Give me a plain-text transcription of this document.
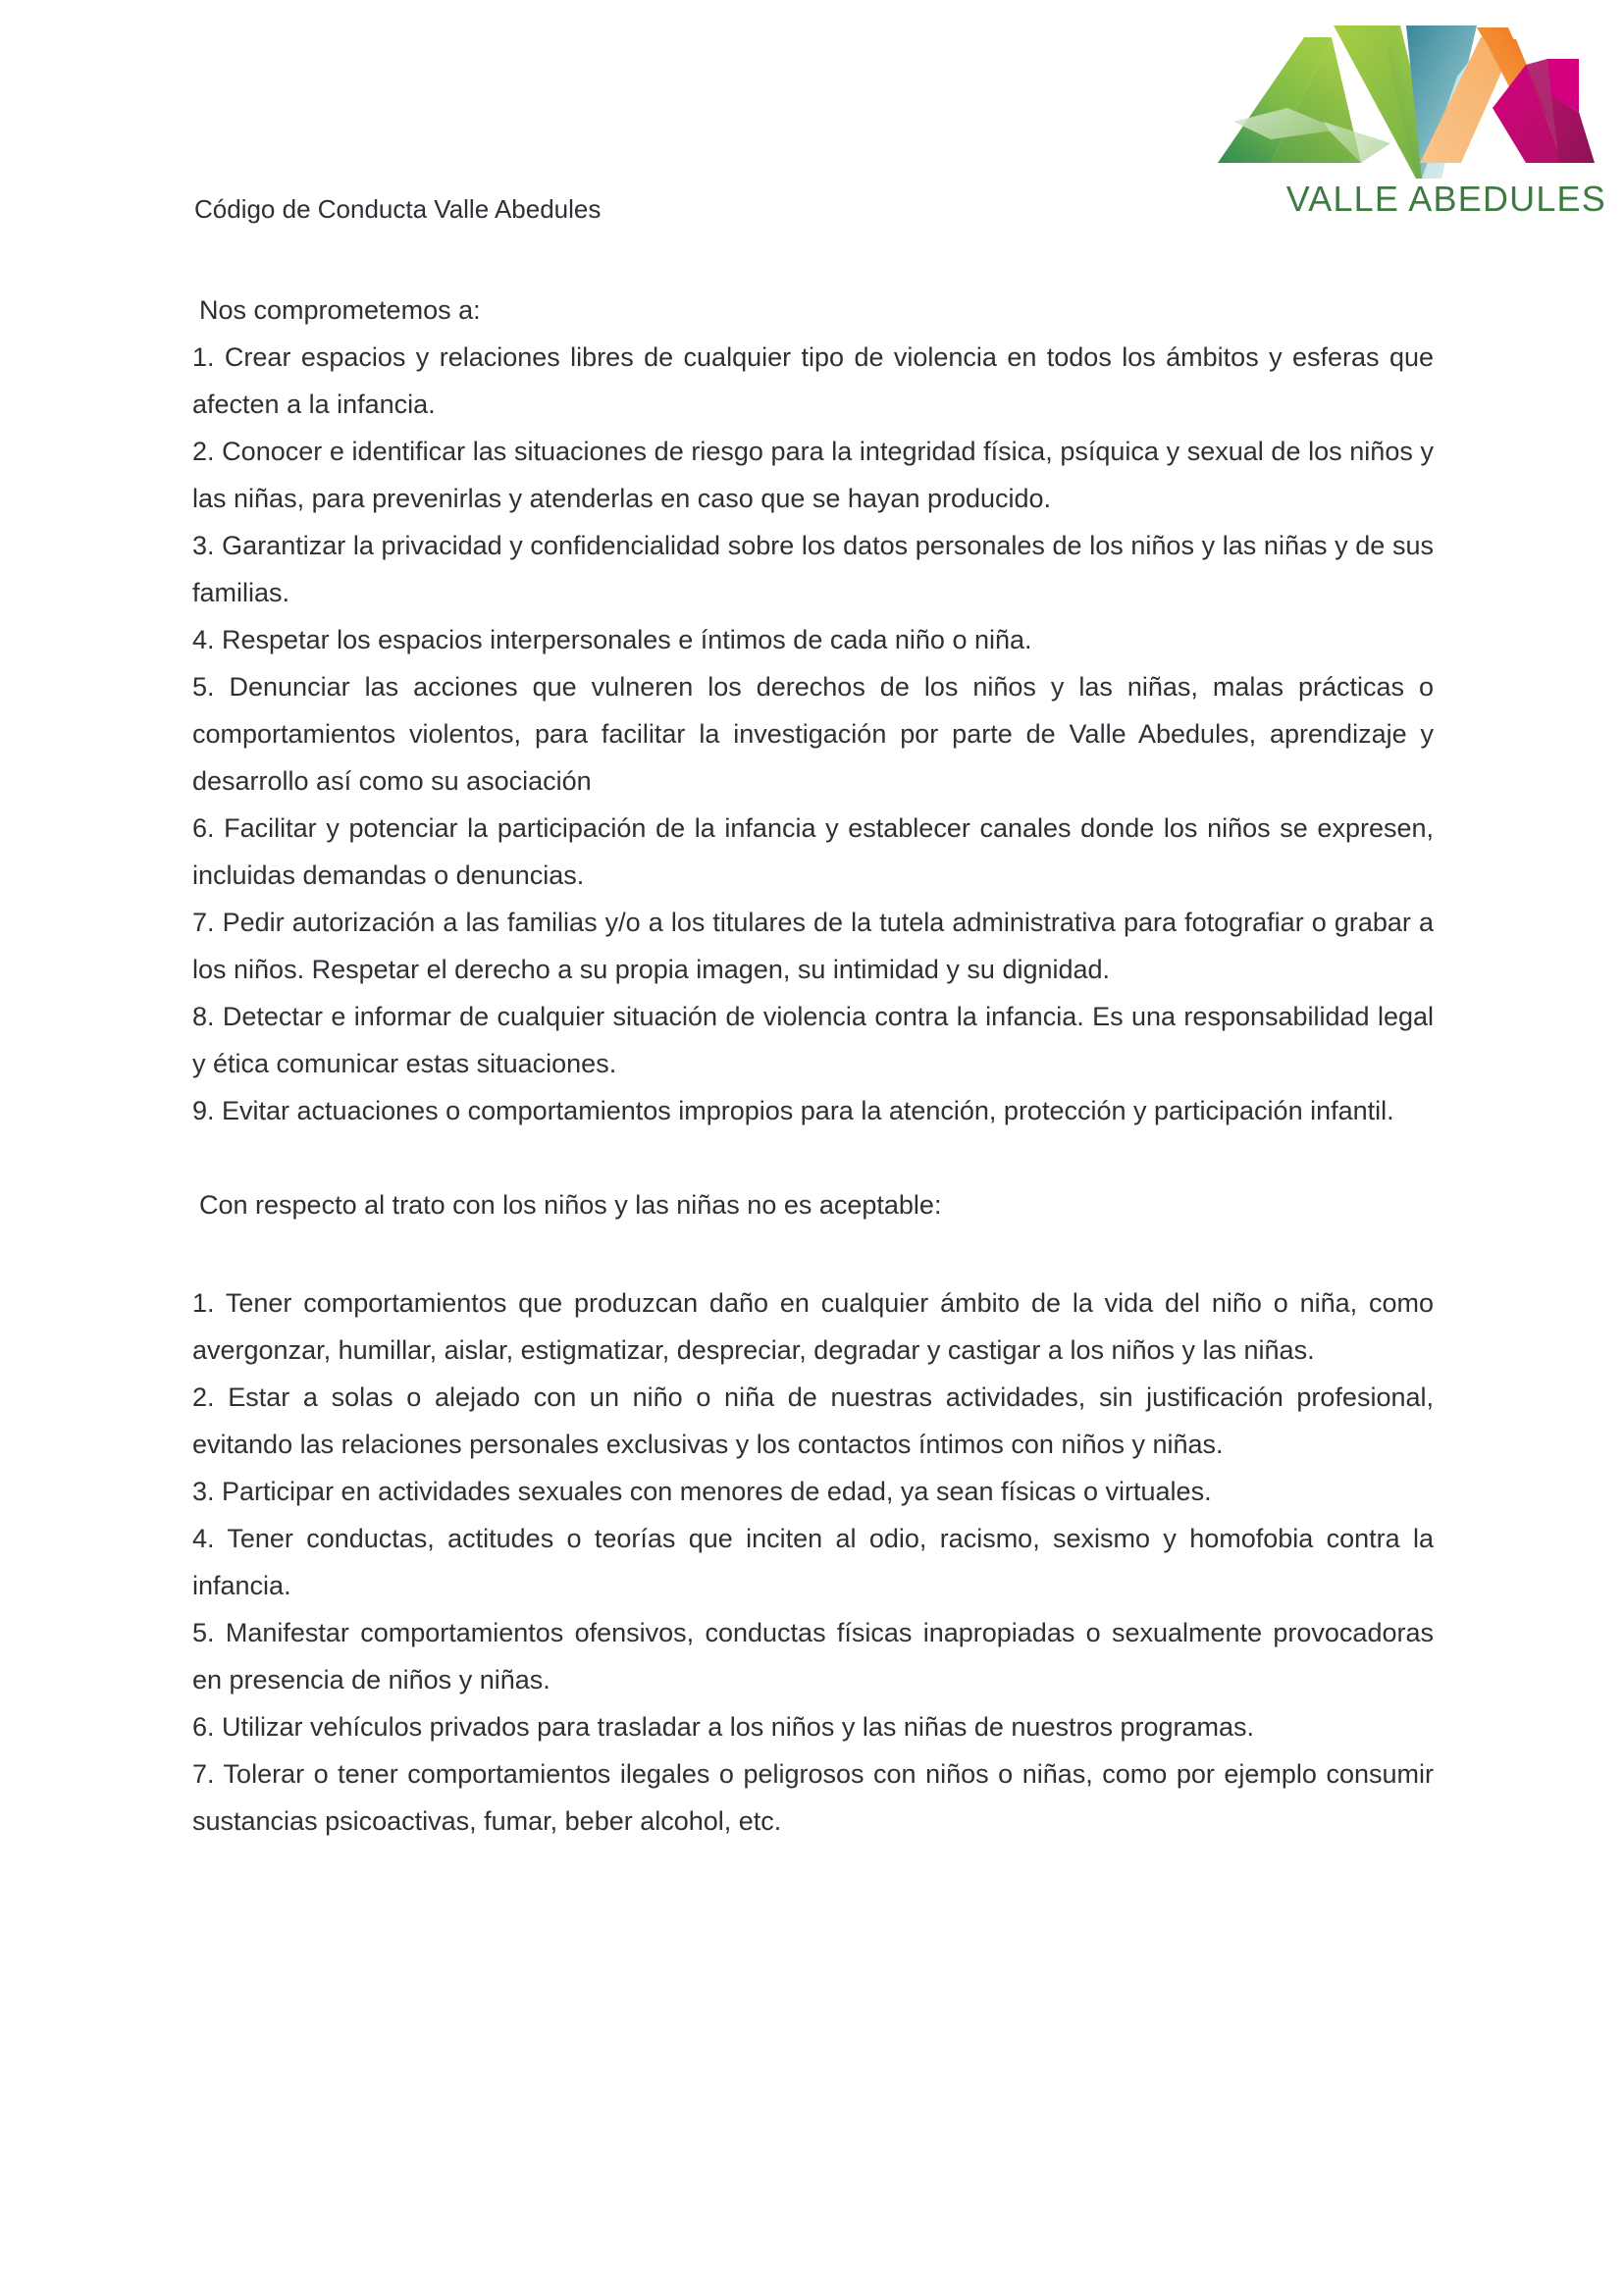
VALLE ABEDULES
Código de Conducta Valle Abedules

Nos comprometemos a:

1. Crear espacios y relaciones libres de cualquier tipo de violencia en todos los ámbitos y esferas que afecten a la infancia.

2. Conocer e identificar las situaciones de riesgo para la integridad física, psíquica y sexual de los niños y las niñas, para prevenirlas y atenderlas en caso que se hayan producido.

3. Garantizar la privacidad y confidencialidad sobre los datos personales de los niños y las niñas y de sus familias.

4. Respetar los espacios interpersonales e íntimos de cada niño o niña.

5. Denunciar las acciones que vulneren los derechos de los niños y las niñas, malas prácticas o comportamientos violentos, para facilitar la investigación por parte de Valle Abedules, aprendizaje y desarrollo así como su asociación

6. Facilitar y potenciar la participación de la infancia y establecer canales donde los niños se expresen, incluidas demandas o denuncias.

7. Pedir autorización a las familias y/o a los titulares de la tutela administrativa para fotografiar o grabar a los niños. Respetar el derecho a su propia imagen, su intimidad y su dignidad.

8. Detectar e informar de cualquier situación de violencia contra la infancia. Es una responsabilidad legal y ética comunicar estas situaciones.

9. Evitar actuaciones o comportamientos impropios para la atención, protección y participación infantil.

Con respecto al trato con los niños y las niñas no es aceptable:

1. Tener comportamientos que produzcan daño en cualquier ámbito de la vida del niño o niña, como avergonzar, humillar, aislar, estigmatizar, despreciar, degradar y castigar a los niños y las niñas.

2. Estar a solas o alejado con un niño o niña de nuestras actividades, sin justificación profesional, evitando las relaciones personales exclusivas y los contactos íntimos con niños y niñas.

3. Participar en actividades sexuales con menores de edad, ya sean físicas o virtuales.

4. Tener conductas, actitudes o teorías que inciten al odio, racismo, sexismo y homofobia contra la infancia.

5. Manifestar comportamientos ofensivos, conductas físicas inapropiadas o sexualmente provocadoras en presencia de niños y niñas.

6. Utilizar vehículos privados para trasladar a los niños y las niñas de nuestros programas.

7. Tolerar o tener comportamientos ilegales o peligrosos con niños o niñas, como por ejemplo consumir sustancias psicoactivas, fumar, beber alcohol, etc.
